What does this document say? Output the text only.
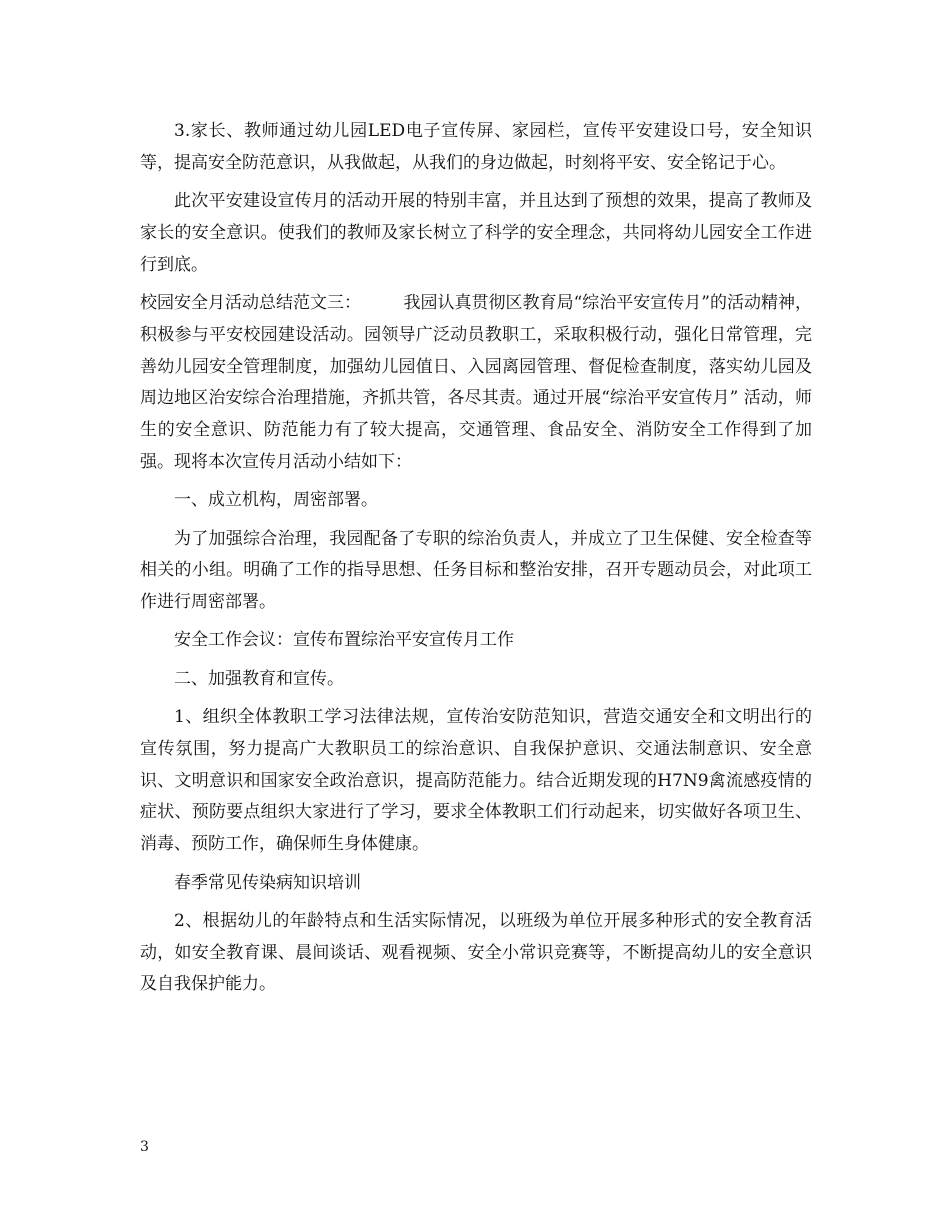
3.家长、教师通过幼儿园LED电子宣传屏、家园栏，宣传平安建设口号，安全知识等，提高安全防范意识，从我做起，从我们的身边做起，时刻将平安、安全铭记于心。

此次平安建设宣传月的活动开展的特别丰富，并且达到了预想的效果，提高了教师及家长的安全意识。使我们的教师及家长树立了科学的安全理念，共同将幼儿园安全工作进行到底。

校园安全月活动总结范文三：　　　我园认真贯彻区教育局“综治平安宣传月”的活动精神，积极参与平安校园建设活动。园领导广泛动员教职工，采取积极行动，强化日常管理，完善幼儿园安全管理制度，加强幼儿园值日、入园离园管理、督促检查制度，落实幼儿园及周边地区治安综合治理措施，齐抓共管，各尽其责。通过开展“综治平安宣传月” 活动，师生的安全意识、防范能力有了较大提高，交通管理、食品安全、消防安全工作得到了加强。现将本次宣传月活动小结如下：

一、成立机构，周密部署。

为了加强综合治理，我园配备了专职的综治负责人，并成立了卫生保健、安全检查等相关的小组。明确了工作的指导思想、任务目标和整治安排，召开专题动员会，对此项工作进行周密部署。

安全工作会议：宣传布置综治平安宣传月工作

二、加强教育和宣传。

1、组织全体教职工学习法律法规，宣传治安防范知识，营造交通安全和文明出行的宣传氛围，努力提高广大教职员工的综治意识、自我保护意识、交通法制意识、安全意识、文明意识和国家安全政治意识，提高防范能力。结合近期发现的H7N9禽流感疫情的症状、预防要点组织大家进行了学习，要求全体教职工们行动起来，切实做好各项卫生、消毒、预防工作，确保师生身体健康。

春季常见传染病知识培训

2、根据幼儿的年龄特点和生活实际情况，以班级为单位开展多种形式的安全教育活动，如安全教育课、晨间谈话、观看视频、安全小常识竞赛等，不断提高幼儿的安全意识及自我保护能力。

3
